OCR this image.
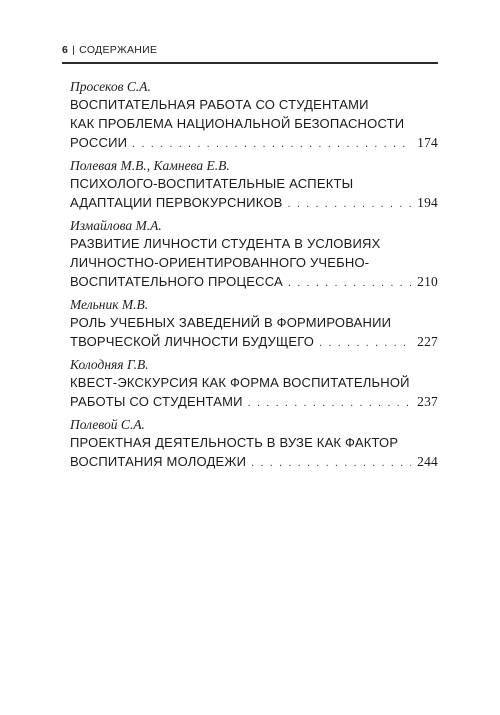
6 | СОДЕРЖАНИЕ
Просеков С.А.
ВОСПИТАТЕЛЬНАЯ РАБОТА СО СТУДЕНТАМИ
КАК ПРОБЛЕМА НАЦИОНАЛЬНОЙ БЕЗОПАСНОСТИ
РОССИИ . . .	174
Полевая М.В., Камнева Е.В.
ПСИХОЛОГО-ВОСПИТАТЕЛЬНЫЕ АСПЕКТЫ
АДАПТАЦИИ ПЕРВОКУРСНИКОВ . . .	194
Измайлова М.А.
РАЗВИТИЕ ЛИЧНОСТИ СТУДЕНТА В УСЛОВИЯХ
ЛИЧНОСТНО-ОРИЕНТИРОВАННОГО УЧЕБНО-
ВОСПИТАТЕЛЬНОГО ПРОЦЕССА . . .	210
Мельник М.В.
РОЛЬ УЧЕБНЫХ ЗАВЕДЕНИЙ В ФОРМИРОВАНИИ
ТВОРЧЕСКОЙ ЛИЧНОСТИ БУДУЩЕГО . . .	227
Колодняя Г.В.
КВЕСТ-ЭКСКУРСИЯ КАК ФОРМА ВОСПИТАТЕЛЬНОЙ
РАБОТЫ СО СТУДЕНТАМИ . . .	237
Полевой С.А.
ПРОЕКТНАЯ ДЕЯТЕЛЬНОСТЬ В ВУЗЕ КАК ФАКТОР
ВОСПИТАНИЯ МОЛОДЕЖИ . . .	244
